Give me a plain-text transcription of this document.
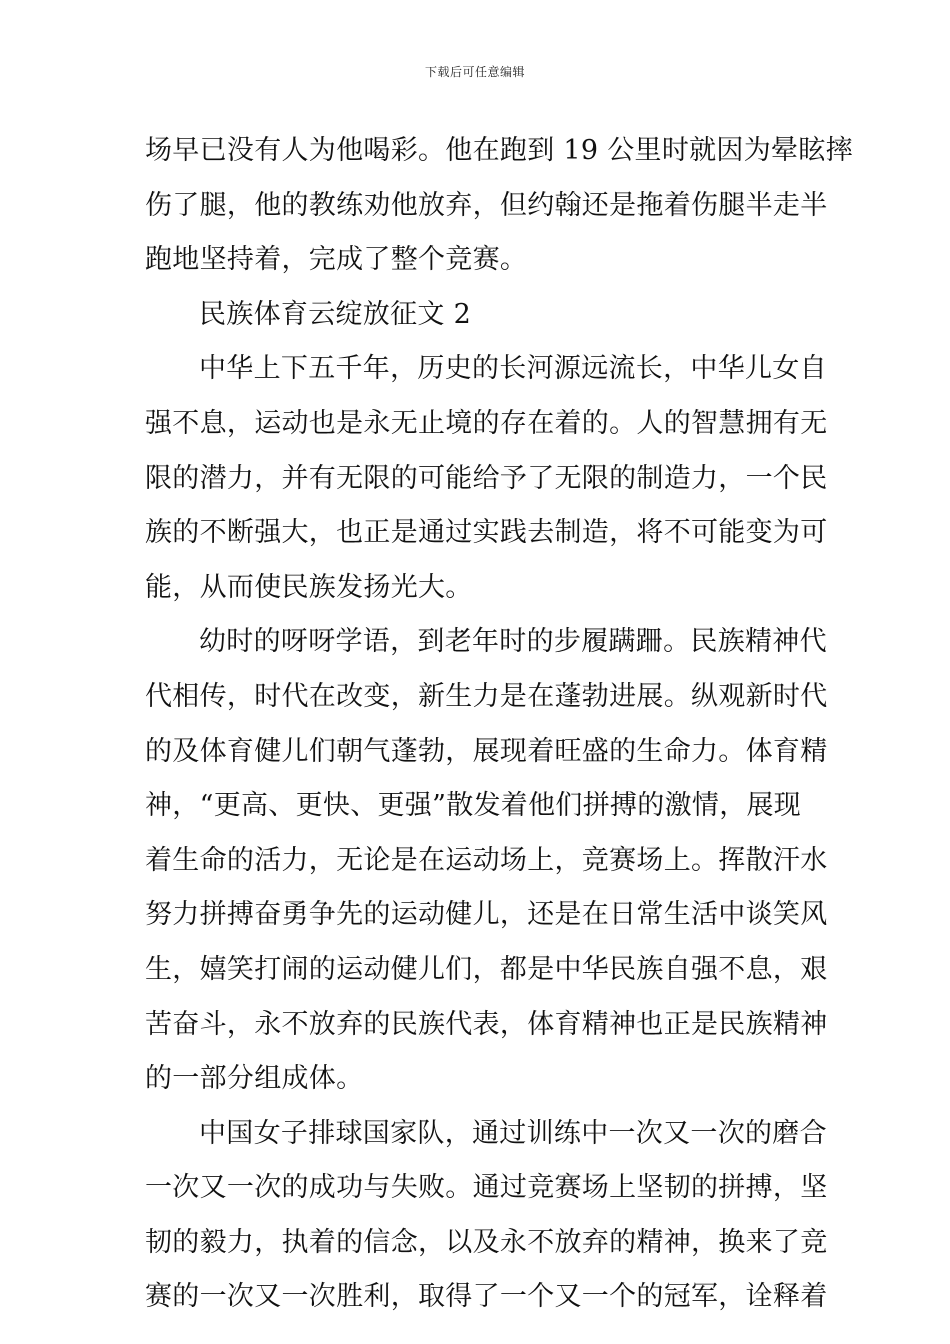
下载后可任意编辑
场早已没有人为他喝彩。他在跑到 19 公里时就因为晕眩摔
伤了腿，他的教练劝他放弃，但约翰还是拖着伤腿半走半
跑地坚持着，完成了整个竞赛。
民族体育云绽放征文 2
中华上下五千年，历史的长河源远流长，中华儿女自
强不息，运动也是永无止境的存在着的。人的智慧拥有无
限的潜力，并有无限的可能给予了无限的制造力，一个民
族的不断强大，也正是通过实践去制造，将不可能变为可
能，从而使民族发扬光大。
幼时的呀呀学语，到老年时的步履蹒跚。民族精神代
代相传，时代在改变，新生力是在蓬勃进展。纵观新时代
的及体育健儿们朝气蓬勃，展现着旺盛的生命力。体育精
神，“更高、更快、更强”散发着他们拼搏的激情，展现
着生命的活力，无论是在运动场上，竞赛场上。挥散汗水
努力拼搏奋勇争先的运动健儿，还是在日常生活中谈笑风
生，嬉笑打闹的运动健儿们，都是中华民族自强不息，艰
苦奋斗，永不放弃的民族代表，体育精神也正是民族精神
的一部分组成体。
中国女子排球国家队，通过训练中一次又一次的磨合
一次又一次的成功与失败。通过竞赛场上坚韧的拼搏，坚
韧的毅力，执着的信念，以及永不放弃的精神，换来了竞
赛的一次又一次胜利，取得了一个又一个的冠军，诠释着
